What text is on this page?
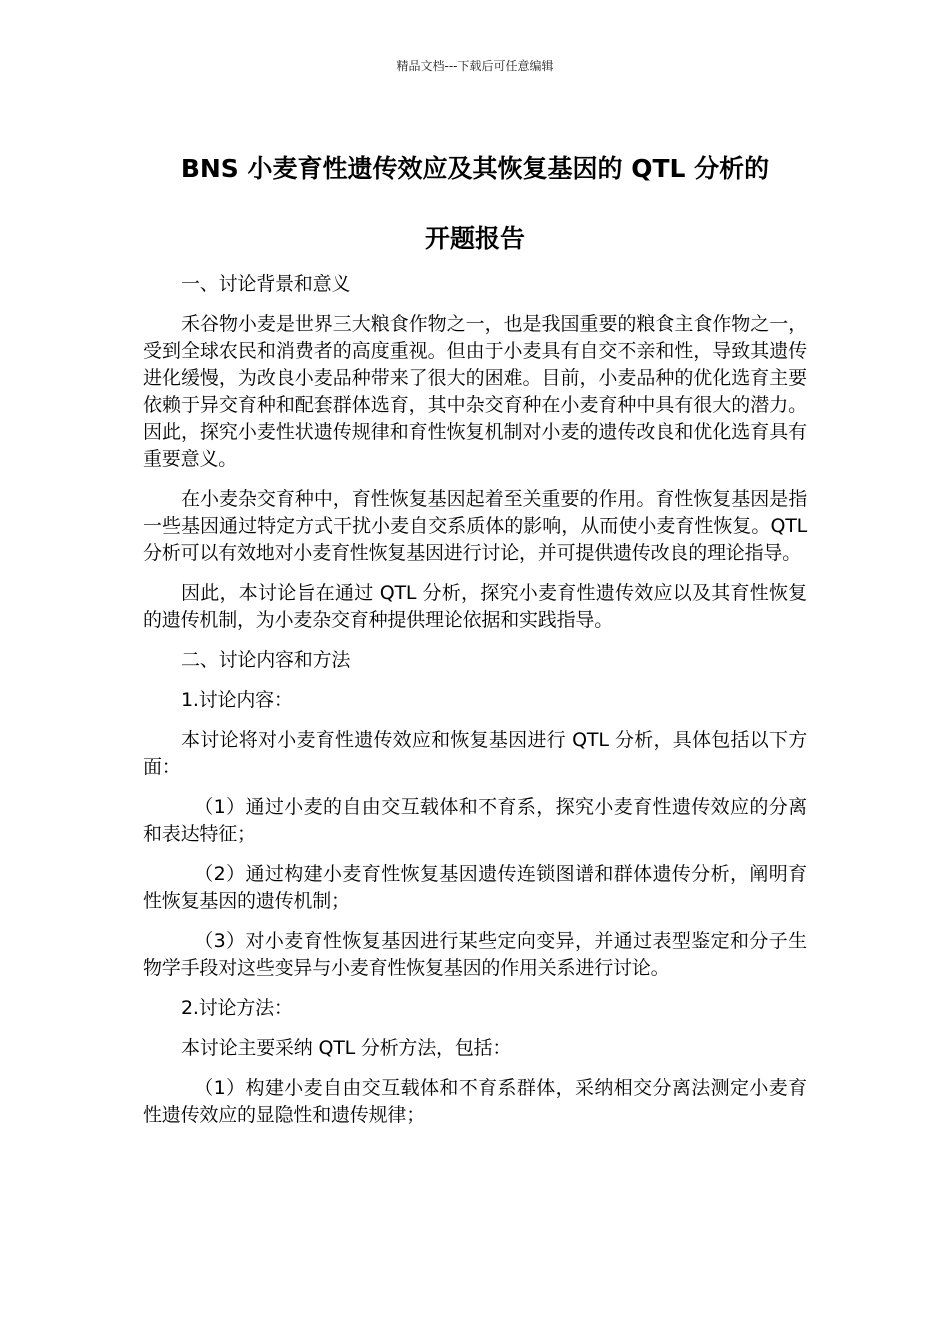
精品文档---下载后可任意编辑
BNS 小麦育性遗传效应及其恢复基因的 QTL 分析的
开题报告

一、讨论背景和意义

禾谷物小麦是世界三大粮食作物之一，也是我国重要的粮食主食作物之一，受到全球农民和消费者的高度重视。但由于小麦具有自交不亲和性，导致其遗传进化缓慢，为改良小麦品种带来了很大的困难。目前，小麦品种的优化选育主要依赖于异交育种和配套群体选育，其中杂交育种在小麦育种中具有很大的潜力。因此，探究小麦性状遗传规律和育性恢复机制对小麦的遗传改良和优化选育具有重要意义。

在小麦杂交育种中，育性恢复基因起着至关重要的作用。育性恢复基因是指一些基因通过特定方式干扰小麦自交系质体的影响，从而使小麦育性恢复。QTL 分析可以有效地对小麦育性恢复基因进行讨论，并可提供遗传改良的理论指导。

因此，本讨论旨在通过 QTL 分析，探究小麦育性遗传效应以及其育性恢复的遗传机制，为小麦杂交育种提供理论依据和实践指导。

二、讨论内容和方法

1.讨论内容：

本讨论将对小麦育性遗传效应和恢复基因进行 QTL 分析，具体包括以下方面：

（1）通过小麦的自由交互载体和不育系，探究小麦育性遗传效应的分离和表达特征；

（2）通过构建小麦育性恢复基因遗传连锁图谱和群体遗传分析，阐明育性恢复基因的遗传机制；

（3）对小麦育性恢复基因进行某些定向变异，并通过表型鉴定和分子生物学手段对这些变异与小麦育性恢复基因的作用关系进行讨论。

2.讨论方法：

本讨论主要采纳 QTL 分析方法，包括：

（1）构建小麦自由交互载体和不育系群体，采纳相交分离法测定小麦育性遗传效应的显隐性和遗传规律；
